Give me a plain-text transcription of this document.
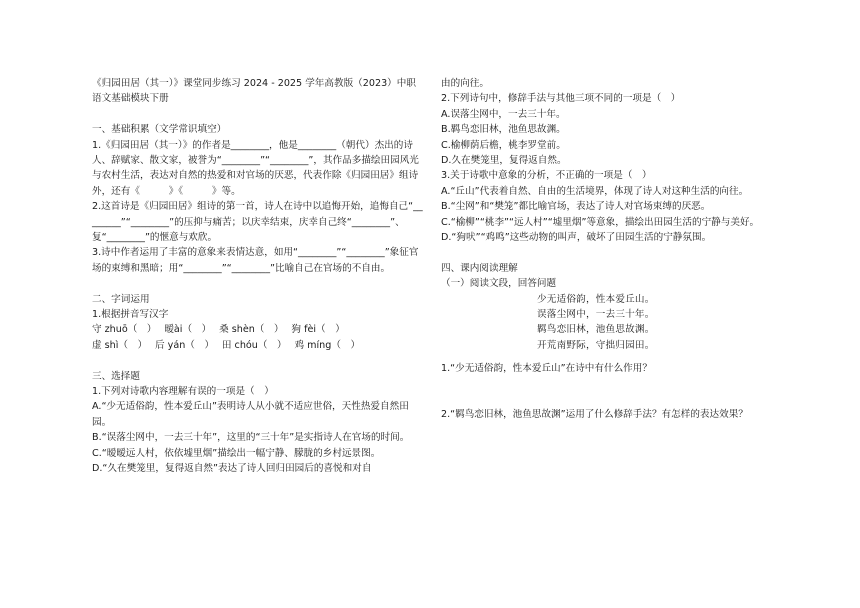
《归园田居（其一）》课堂同步练习 2024 - 2025 学年高教版（2023）中职语文基础模块下册

一、基础积累（文学常识填空）

1.《归园田居（其一）》的作者是________，他是________（朝代）杰出的诗人、辞赋家、散文家，被誉为“________”“________”，其作品多描绘田园风光与农村生活，表达对自然的热爱和对官场的厌恶，代表作除《归园田居》组诗外，还有《　　　》《　　　》等。

2.这首诗是《归园田居》组诗的第一首，诗人在诗中以追悔开始，追悔自己“________”“________”的压抑与痛苦；以庆幸结束，庆幸自己终“________”、复“________”的惬意与欢欣。

3.诗中作者运用了丰富的意象来表情达意，如用“________”“________”象征官场的束缚和黑暗；用“________”“________”比喻自己在官场的不自由。

二、字词运用

1.根据拼音写汉字

守 zhuō（　）　 暧ài（　）　 桑 shèn（　）　 狗 fèi（　）

虚 shì（　）　 后 yán（　）　 田 chóu（　）　 鸡 míng（　）

三、选择题

1.下列对诗歌内容理解有误的一项是（　）

A.“少无适俗韵，性本爱丘山”表明诗人从小就不适应世俗，天性热爱自然田园。

B.“误落尘网中，一去三十年”，这里的“三十年”是实指诗人在官场的时间。

C.“暧暧远人村，依依墟里烟”描绘出一幅宁静、朦胧的乡村远景图。

D.“久在樊笼里，复得返自然”表达了诗人回归田园后的喜悦和对自

由的向往。

2.下列诗句中，修辞手法与其他三项不同的一项是（　）

A.误落尘网中，一去三十年。

B.羁鸟恋旧林，池鱼思故渊。

C.榆柳荫后檐，桃李罗堂前。

D.久在樊笼里，复得返自然。

3.关于诗歌中意象的分析，不正确的一项是（　）

A.“丘山”代表着自然、自由的生活境界，体现了诗人对这种生活的向往。

B.“尘网”和“樊笼”都比喻官场，表达了诗人对官场束缚的厌恶。

C.“榆柳”“桃李”“远人村”“墟里烟”等意象，描绘出田园生活的宁静与美好。

D.“狗吠”“鸡鸣”这些动物的叫声，破坏了田园生活的宁静氛围。

四、课内阅读理解

（一）阅读文段，回答问题

少无适俗韵，性本爱丘山。

误落尘网中，一去三十年。

羁鸟恋旧林，池鱼思故渊。

开荒南野际，守拙归园田。

1.“少无适俗韵，性本爱丘山”在诗中有什么作用？

2.“羁鸟恋旧林，池鱼思故渊”运用了什么修辞手法？有怎样的表达效果？
